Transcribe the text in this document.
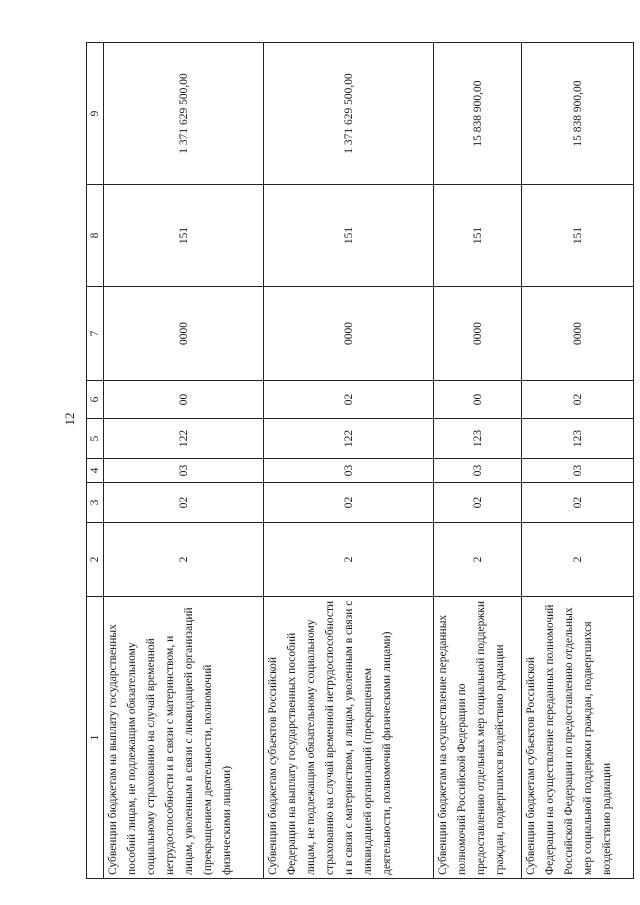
12
1	2	3	4	5	6	7	8	9
Субвенции бюджетам на выплату государственных пособий лицам, не подлежащим обязательному социальному страхованию на случай временной нетрудоспособности и в связи с материнством, и лицам, уволенным в связи с ликвидацией организаций (прекращением деятельности, полномочий физическими лицами)	2	02	03	122	00	0000	151	1 371 629 500,00
Субвенции бюджетам субъектов Российской Федерации на выплату государственных пособий лицам, не подлежащим обязательному социальному страхованию на случай временной нетрудоспособности и в связи с материнством, и лицам, уволенным в связи с ликвидацией организаций (прекращением деятельности, полномочий физическими лицами)	2	02	03	122	02	0000	151	1 371 629 500,00
Субвенции бюджетам на осуществление переданных полномочий Российской Федерации по предоставлению отдельных мер социальной поддержки граждан, подвергшихся воздействию радиации	2	02	03	123	00	0000	151	15 838 900,00
Субвенции бюджетам субъектов Российской Федерации на осуществление переданных полномочий Российской Федерации по предоставлению отдельных мер социальной поддержки граждан, подвергшихся воздействию радиации	2	02	03	123	02	0000	151	15 838 900,00
